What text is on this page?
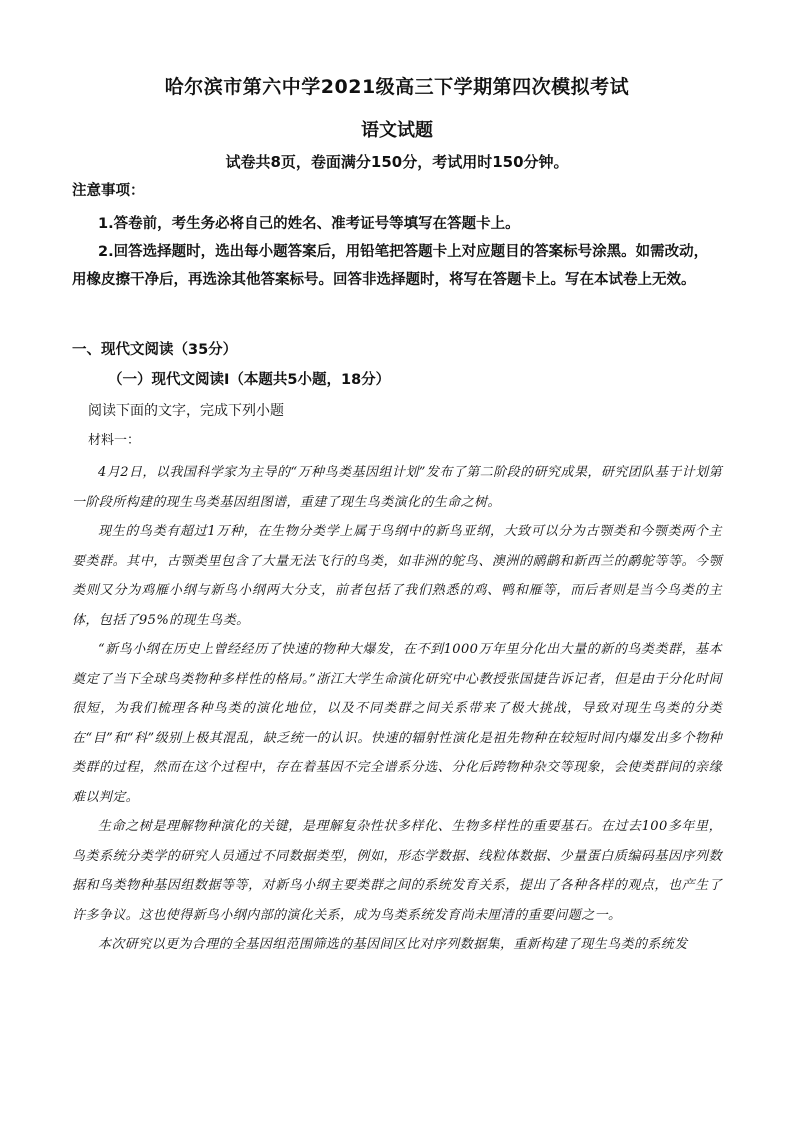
哈尔滨市第六中学2021级高三下学期第四次模拟考试
语文试题
试卷共8页，卷面满分150分，考试用时150分钟。
注意事项：
1.答卷前，考生务必将自己的姓名、准考证号等填写在答题卡上。
2.回答选择题时，选出每小题答案后，用铅笔把答题卡上对应题目的答案标号涂黑。如需改动，用橡皮擦干净后，再选涂其他答案标号。回答非选择题时，将写在答题卡上。写在本试卷上无效。
一、现代文阅读（35分）
（一）现代文阅读Ⅰ（本题共5小题，18分）
阅读下面的文字，完成下列小题
材料一：

4月2日，以我国科学家为主导的“万种鸟类基因组计划”发布了第二阶段的研究成果，研究团队基于计划第一阶段所构建的现生鸟类基因组图谱，重建了现生鸟类演化的生命之树。

现生的鸟类有超过1万种，在生物分类学上属于鸟纲中的新鸟亚纲，大致可以分为古颚类和今颚类两个主要类群。其中，古颚类里包含了大量无法飞行的鸟类，如非洲的鸵鸟、澳洲的鸸鹋和新西兰的鹬鸵等等。今颚类则又分为鸡雁小纲与新鸟小纲两大分支，前者包括了我们熟悉的鸡、鸭和雁等，而后者则是当今鸟类的主体，包括了95%的现生鸟类。

“新鸟小纲在历史上曾经经历了快速的物种大爆发，在不到1000万年里分化出大量的新的鸟类类群，基本奠定了当下全球鸟类物种多样性的格局。”浙江大学生命演化研究中心教授张国捷告诉记者，但是由于分化时间很短，为我们梳理各种鸟类的演化地位，以及不同类群之间关系带来了极大挑战，导致对现生鸟类的分类在“目”和“科”级别上极其混乱，缺乏统一的认识。快速的辐射性演化是祖先物种在较短时间内爆发出多个物种类群的过程，然而在这个过程中，存在着基因不完全谱系分选、分化后跨物种杂交等现象，会使类群间的亲缘难以判定。

生命之树是理解物种演化的关键，是理解复杂性状多样化、生物多样性的重要基石。在过去100多年里，鸟类系统分类学的研究人员通过不同数据类型，例如，形态学数据、线粒体数据、少量蛋白质编码基因序列数据和鸟类物种基因组数据等等，对新鸟小纲主要类群之间的系统发育关系，提出了各种各样的观点，也产生了许多争议。这也使得新鸟小纲内部的演化关系，成为鸟类系统发育尚未厘清的重要问题之一。

本次研究以更为合理的全基因组范围筛选的基因间区比对序列数据集，重新构建了现生鸟类的系统发
